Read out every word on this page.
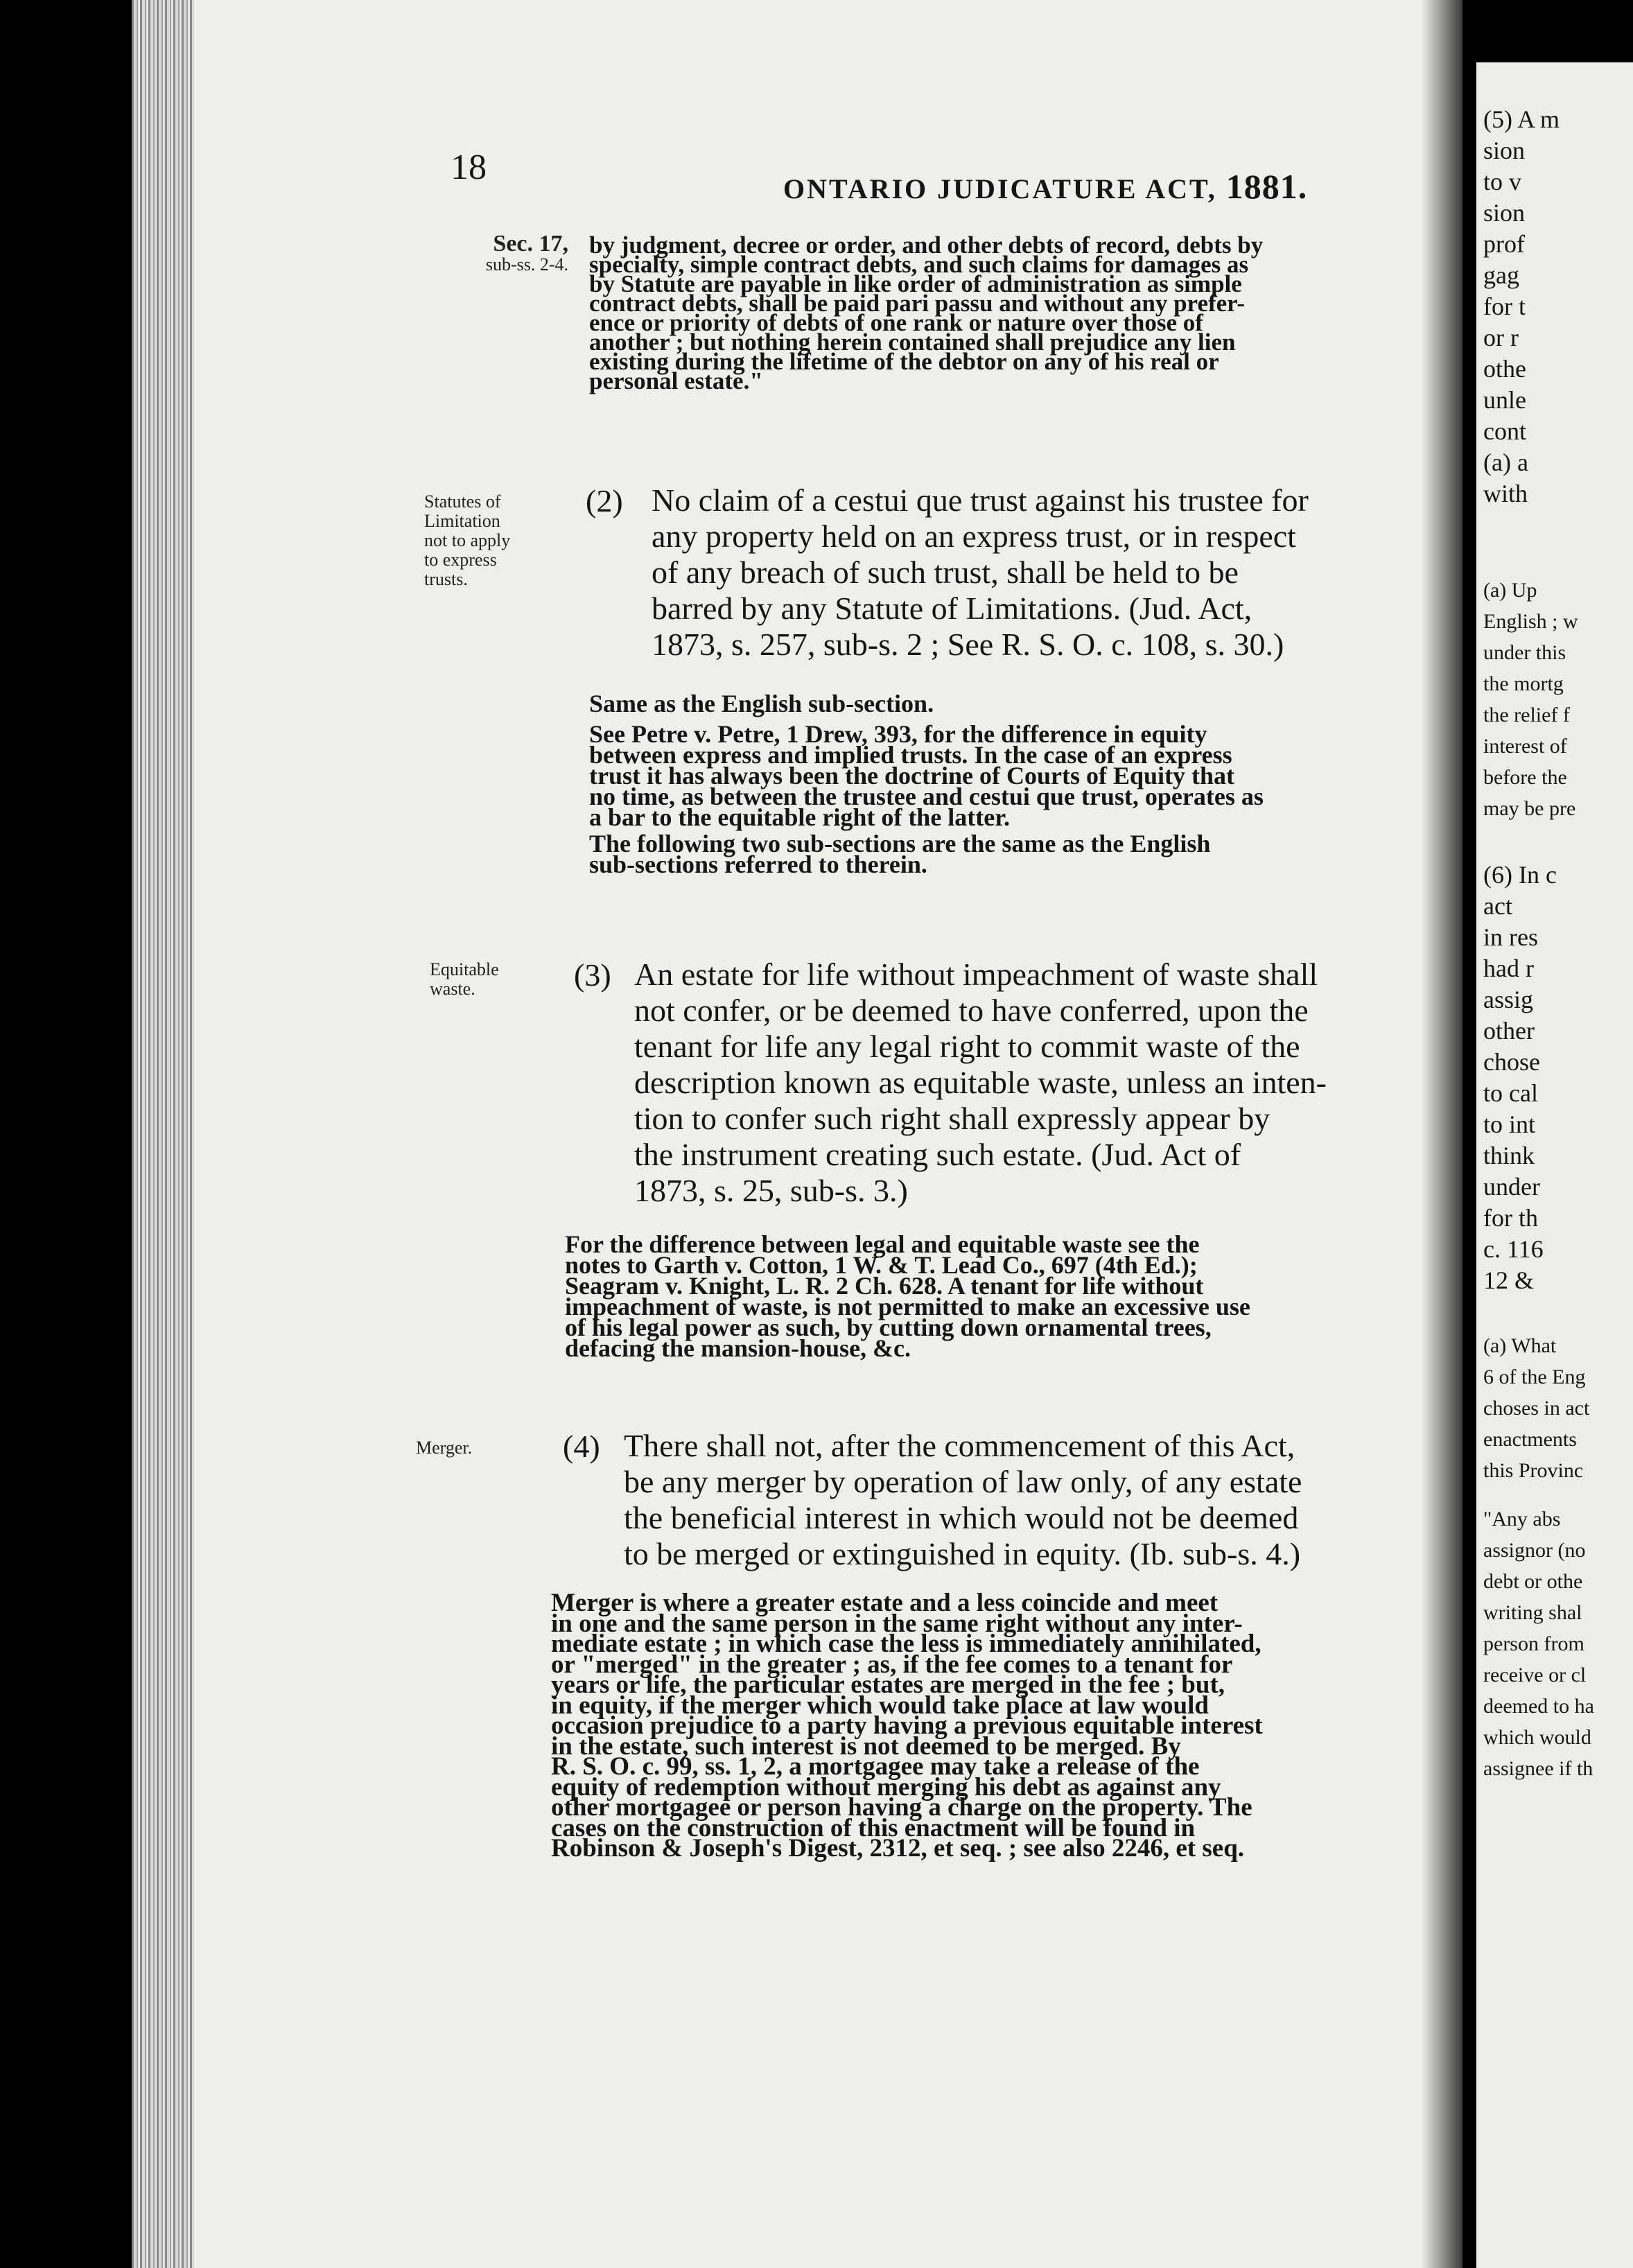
18
ONTARIO JUDICATURE ACT, 1881.
Sec. 17,
sub-ss. 2-4.
Statutes of
Limitation
not to apply
to express
trusts.
Equitable
waste.
Merger.
by judgment, decree or order, and other debts of record, debts by
specialty, simple contract debts, and such claims for damages as
by Statute are payable in like order of administration as simple
contract debts, shall be paid pari passu and without any prefer-
ence or priority of debts of one rank or nature over those of
another ; but nothing herein contained shall prejudice any lien
existing during the lifetime of the debtor on any of his real or
personal estate."
(2) No claim of a cestui que trust against his trustee for
any property held on an express trust, or in respect
of any breach of such trust, shall be held to be
barred by any Statute of Limitations. (Jud. Act,
1873, s. 257, sub-s. 2 ; See R. S. O. c. 108, s. 30.)
Same as the English sub-section.
See Petre v. Petre, 1 Drew, 393, for the difference in equity
between express and implied trusts. In the case of an express
trust it has always been the doctrine of Courts of Equity that
no time, as between the trustee and cestui que trust, operates as
a bar to the equitable right of the latter.
The following two sub-sections are the same as the English
sub-sections referred to therein.
(3) An estate for life without impeachment of waste shall
not confer, or be deemed to have conferred, upon the
tenant for life any legal right to commit waste of the
description known as equitable waste, unless an inten-
tion to confer such right shall expressly appear by
the instrument creating such estate. (Jud. Act of
1873, s. 25, sub-s. 3.)
For the difference between legal and equitable waste see the
notes to Garth v. Cotton, 1 W. & T. Lead Co., 697 (4th Ed.);
Seagram v. Knight, L. R. 2 Ch. 628. A tenant for life without
impeachment of waste, is not permitted to make an excessive use
of his legal power as such, by cutting down ornamental trees,
defacing the mansion-house, &c.
(4) There shall not, after the commencement of this Act,
be any merger by operation of law only, of any estate
the beneficial interest in which would not be deemed
to be merged or extinguished in equity. (Ib. sub-s. 4.)
Merger is where a greater estate and a less coincide and meet
in one and the same person in the same right without any inter-
mediate estate ; in which case the less is immediately annihilated,
or "merged" in the greater ; as, if the fee comes to a tenant for
years or life, the particular estates are merged in the fee ; but,
in equity, if the merger which would take place at law would
occasion prejudice to a party having a previous equitable interest
in the estate, such interest is not deemed to be merged. By
R. S. O. c. 99, ss. 1, 2, a mortgagee may take a release of the
equity of redemption without merging his debt as against any
other mortgagee or person having a charge on the property. The
cases on the construction of this enactment will be found in
Robinson & Joseph's Digest, 2312, et seq. ; see also 2246, et seq.
(5) A m
sion
to v
sion
prof
gag
for t
or r
othe
unle
cont
(a) a
with
(a) Up
English ; w
under this
the mortg
the relief f
interest of
before the
may be pre
(6) In c
act
in res
had r
assig
other
chose
to cal
to int
think
under
for th
c. 116
12 &
(a) What
6 of the Eng
choses in act
enactments
this Provinc
"Any abs
assignor (no
debt or othe
writing shal
person from
receive or cl
deemed to ha
which would
assignee if th
